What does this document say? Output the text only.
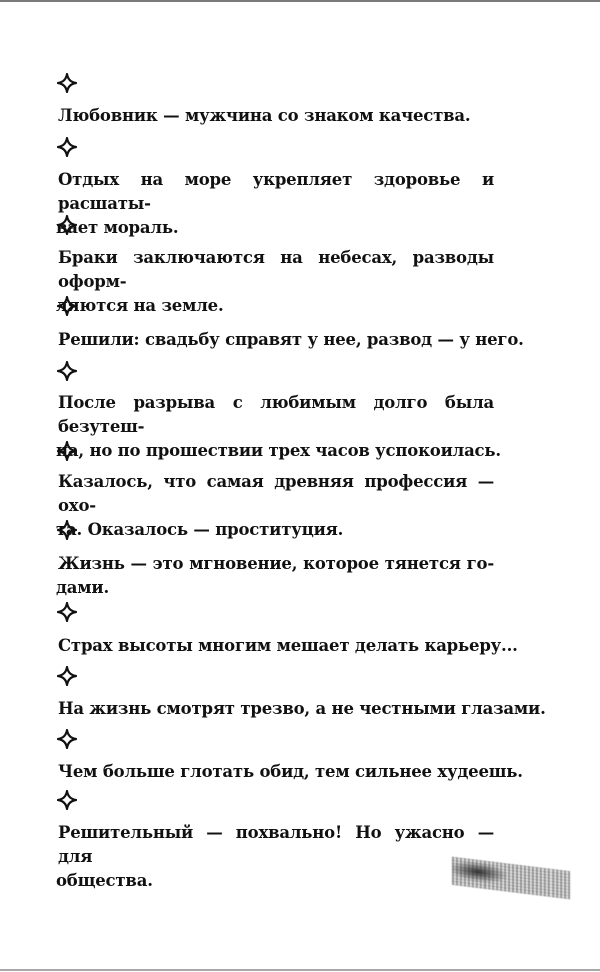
Любовник — мужчина со знаком качества.
Отдых на море укрепляет здоровье и расшаты-
вает мораль.
Браки заключаются на небесах, разводы оформ-
ляются на земле.
Решили: свадьбу справят у нее, развод — у него.
После разрыва с любимым долго была безутеш-
на, но по прошествии трех часов успокоилась.
Казалось, что самая древняя профессия — охо-
та. Оказалось — проституция.
Жизнь — это мгновение, которое тянется го-
дами.
Страх высоты многим мешает делать карьеру...
На жизнь смотрят трезво, а не честными глазами.
Чем больше глотать обид, тем сильнее худеешь.
Решительный — похвально! Но ужасно — для
общества.
